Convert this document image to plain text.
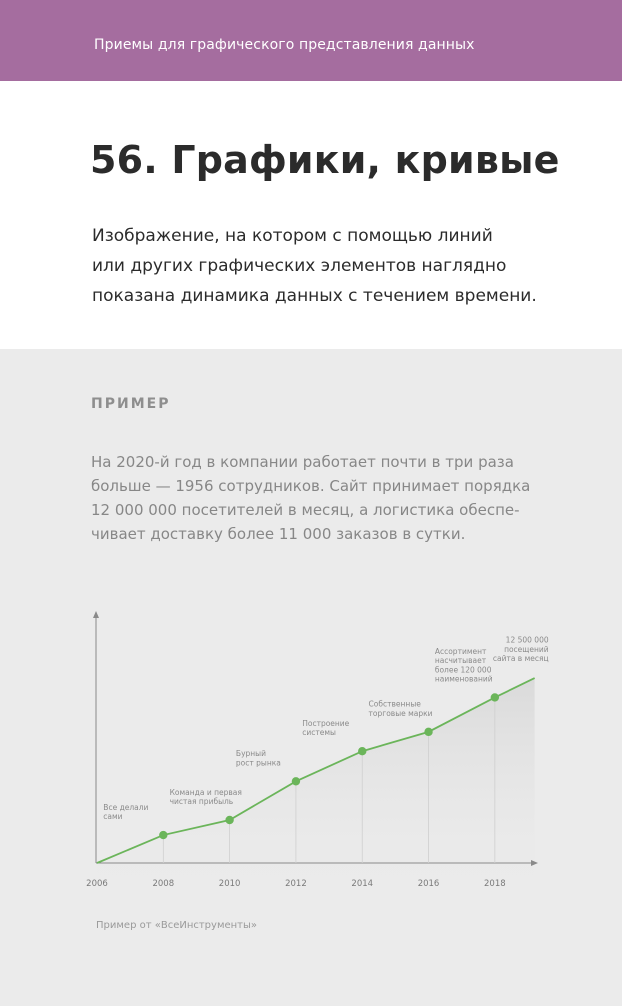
Приемы для графического представления данных
56. Графики, кривые

Изображение, на котором с помощью линий
или других графических элементов наглядно
показана динамика данных с течением времени.

ПРИМЕР

На 2020-й год в компании работает почти в три раза
больше — 1956 сотрудников. Сайт принимает порядка
12 000 000 посетителей в месяц, а логистика обеспе-
чивает доставку более 11 000 заказов в сутки.

2006	2008	2010	2012	2014	2016	2018
Все делали сами
Команда и первая чистая прибыль
Бурный рост рынка
Построение системы
Собственные торговые марки
Ассортимент насчитывает более 120 000 наименований
12 500 000 посещений сайта в месяц
Пример от «ВсеИнструменты»
